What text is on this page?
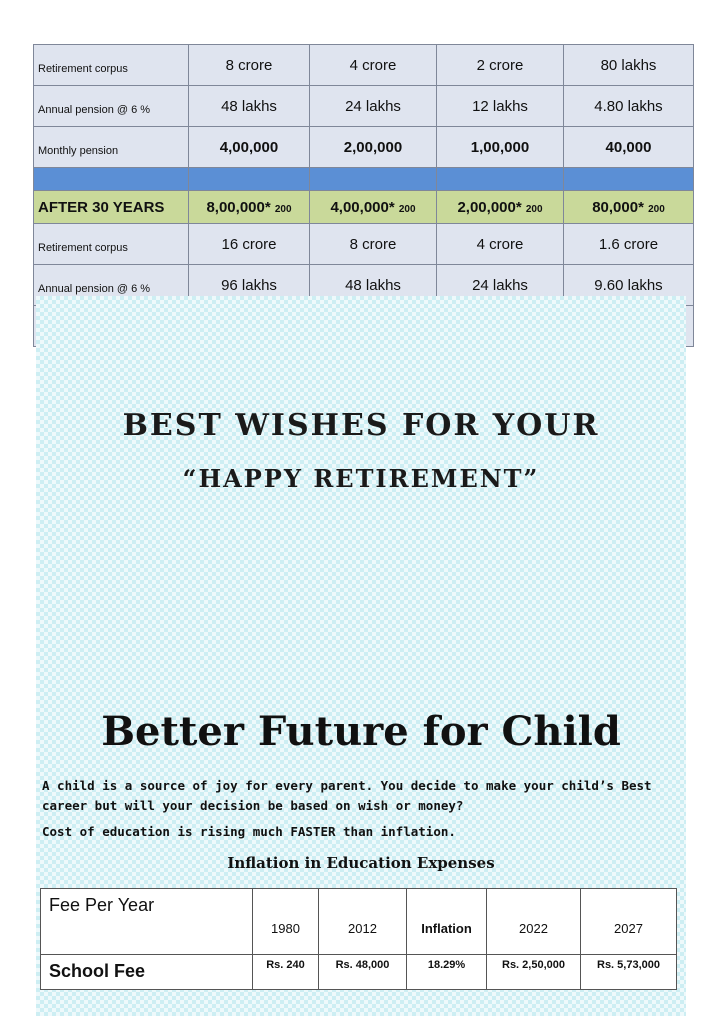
Retirement corpus	8 crore	4 crore	2 crore	80 lakhs
Annual pension @ 6 %	48 lakhs	24 lakhs	12 lakhs	4.80 lakhs
Monthly pension	4,00,000	2,00,000	1,00,000	40,000

AFTER 30 YEARS	8,00,000* 200	4,00,000* 200	2,00,000* 200	80,000* 200
Retirement corpus	16 crore	8 crore	4 crore	1.6 crore
Annual pension @ 6 %	96 lakhs	48 lakhs	24 lakhs	9.60 lakhs

BEST WISHES FOR YOUR
“HAPPY RETIREMENT”
Better Future for Child
A child is a source of joy for every parent. You decide to make your child’s Best career but will your decision be based on wish or money?
Cost of education is rising much FASTER than inflation.
Inflation in Education Expenses
Fee Per Year	1980	2012	Inflation	2022	2027
School Fee	Rs. 240	Rs. 48,000	18.29%	Rs. 2,50,000	Rs. 5,73,000
